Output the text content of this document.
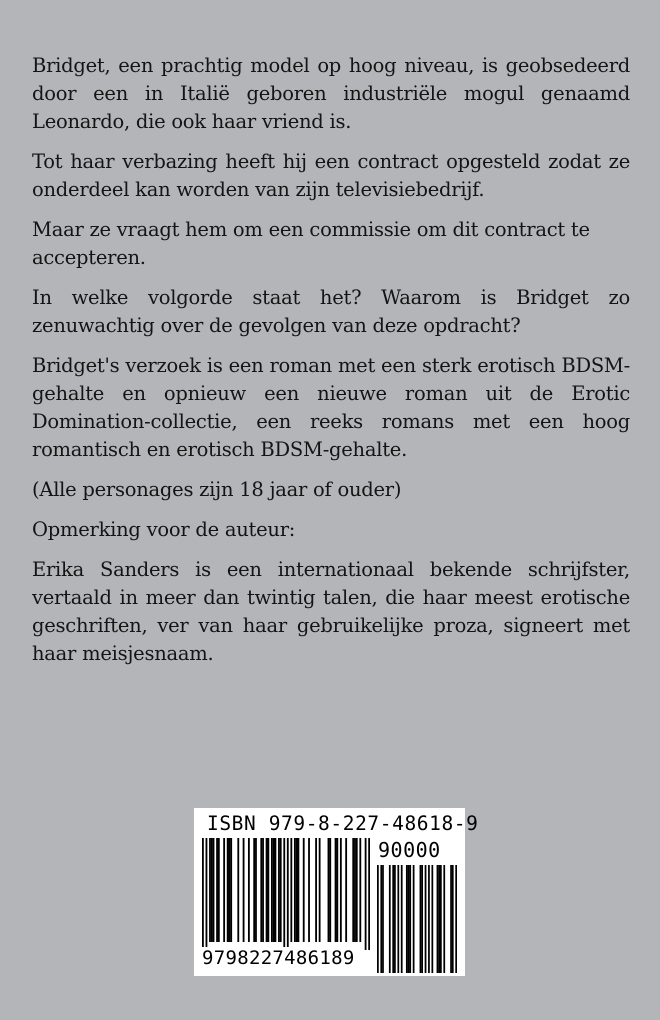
Bridget, een prachtig model op hoog niveau, is geobsedeerd door een in Italië geboren industriële mogul genaamd Leonardo, die ook haar vriend is.

Tot haar verbazing heeft hij een contract opgesteld zodat ze onderdeel kan worden van zijn televisiebedrijf.

Maar ze vraagt hem om een commissie om dit contract te accepteren.

In welke volgorde staat het? Waarom is Bridget zo zenuwachtig over de gevolgen van deze opdracht?

Bridget's verzoek is een roman met een sterk erotisch BDSM-gehalte en opnieuw een nieuwe roman uit de Erotic Domination-collectie, een reeks romans met een hoog romantisch en erotisch BDSM-gehalte.

(Alle personages zijn 18 jaar of ouder)

Opmerking voor de auteur:

Erika Sanders is een internationaal bekende schrijfster, vertaald in meer dan twintig talen, die haar meest erotische geschriften, ver van haar gebruikelijke proza, signeert met haar meisjesnaam.

ISBN 979-8-227-48618-9
90000
9798227486189
